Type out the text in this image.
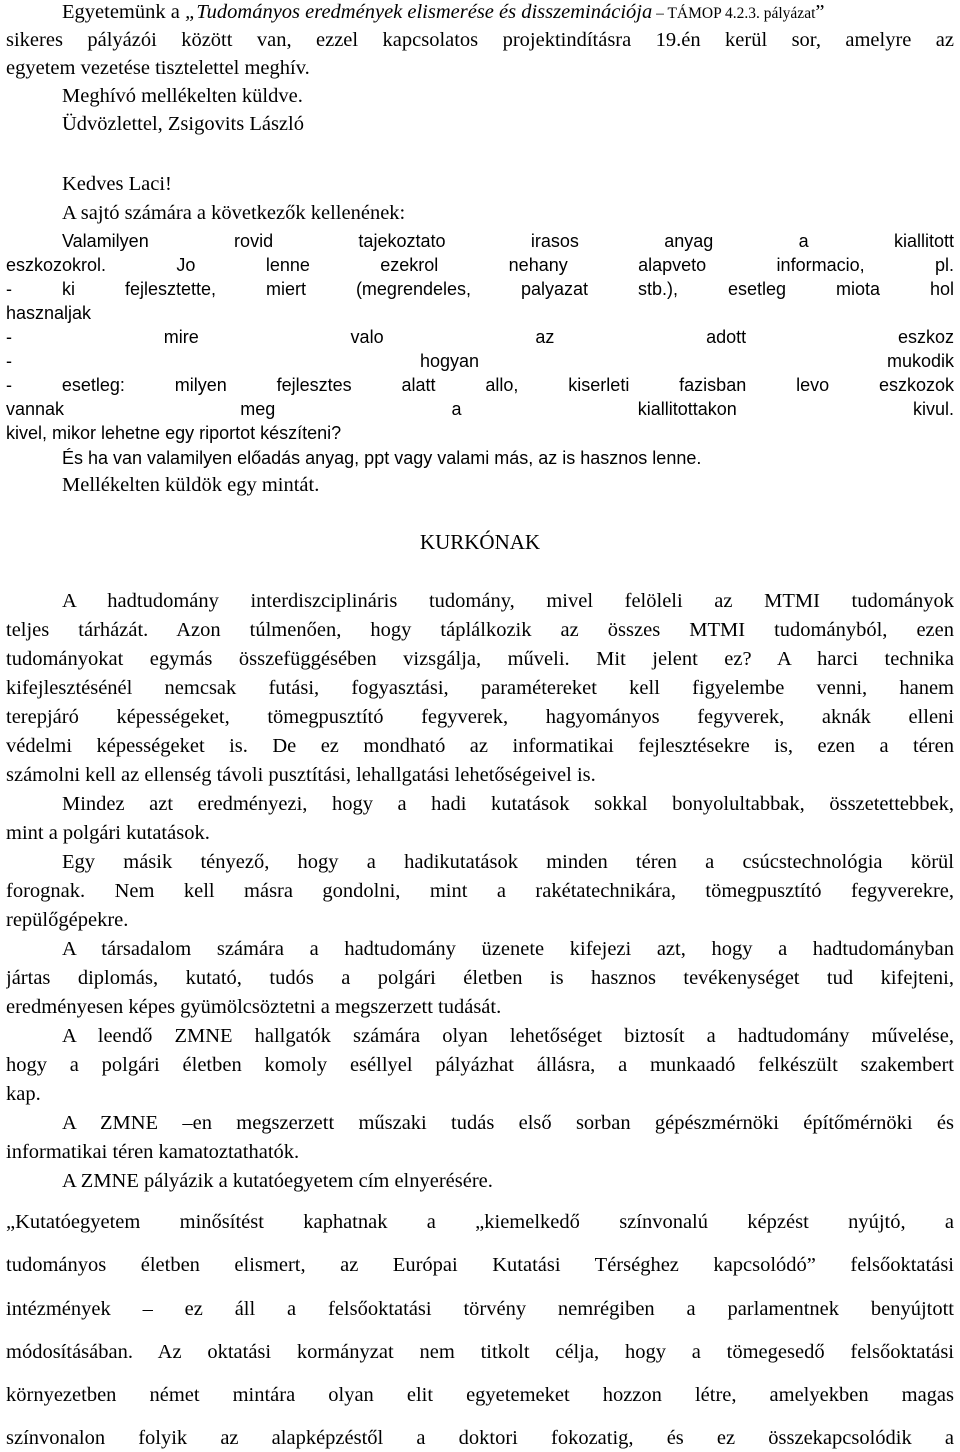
Egyetemünk a „Tudományos eredmények elismerése és disszeminációja – TÁMOP 4.2.3. pályázat”
sikeres pályázói között van, ezzel kapcsolatos projektindításra 19.én kerül sor, amelyre az
egyetem vezetése tisztelettel meghív.
Meghívó mellékelten küldve.
Üdvözlettel, Zsigovits László
Kedves Laci!
A sajtó számára a következők kellenének:
Valamilyen rovid tajekoztato irasos anyag a kiallitott
eszkozokrol. Jo lenne ezekrol nehany alapveto informacio, pl.
- ki fejlesztette, miert (megrendeles, palyazat stb.), esetleg miota hol
hasznaljak
- mire valo az adott eszkoz
- hogyan mukodik
- esetleg: milyen fejlesztes alatt allo, kiserleti fazisban levo eszkozok
vannak meg a kiallitottakon kivul.
kivel, mikor lehetne egy riportot készíteni?
És ha van valamilyen előadás anyag, ppt vagy valami más, az is hasznos lenne.
Mellékelten küldök egy mintát.
KURKÓNAK
A hadtudomány interdiszciplináris tudomány, mivel felöleli az MTMI tudományok
teljes tárházát. Azon túlmenően, hogy táplálkozik az összes MTMI tudományból, ezen
tudományokat egymás összefüggésében vizsgálja, műveli. Mit jelent ez? A harci technika
kifejlesztésénél nemcsak futási, fogyasztási, paramétereket kell figyelembe venni, hanem
terepjáró képességeket, tömegpusztító fegyverek, hagyományos fegyverek, aknák elleni
védelmi képességeket is. De ez mondható az informatikai fejlesztésekre is, ezen a téren
számolni kell az ellenség távoli pusztítási, lehallgatási lehetőségeivel is.
Mindez azt eredményezi, hogy a hadi kutatások sokkal bonyolultabbak, összetettebbek,
mint a polgári kutatások.
Egy másik tényező, hogy a hadikutatások minden téren a csúcstechnológia körül
forognak. Nem kell másra gondolni, mint a rakétatechnikára, tömegpusztító fegyverekre,
repülőgépekre.
A társadalom számára a hadtudomány üzenete kifejezi azt, hogy a hadtudományban
jártas diplomás, kutató, tudós a polgári életben is hasznos tevékenységet tud kifejteni,
eredményesen képes gyümölcsöztetni a megszerzett tudását.
A leendő ZMNE hallgatók számára olyan lehetőséget biztosít a hadtudomány művelése,
hogy a polgári életben komoly eséllyel pályázhat állásra, a munkaadó felkészült szakembert
kap.
A ZMNE –en megszerzett műszaki tudás első sorban gépészmérnöki építőmérnöki és
informatikai téren kamatoztathatók.
A ZMNE pályázik a kutatóegyetem cím elnyerésére.
„Kutatóegyetem minősítést kaphatnak a „kiemelkedő színvonalú képzést nyújtó, a
tudományos életben elismert, az Európai Kutatási Térséghez kapcsolódó” felsőoktatási
intézmények – ez áll a felsőoktatási törvény nemrégiben a parlamentnek benyújtott
módosításában. Az oktatási kormányzat nem titkolt célja, hogy a tömegesedő felsőoktatási
környezetben német mintára olyan elit egyetemeket hozzon létre, amelyekben magas
színvonalon folyik az alapképzéstől a doktori fokozatig, és ez összekapcsolódik a
